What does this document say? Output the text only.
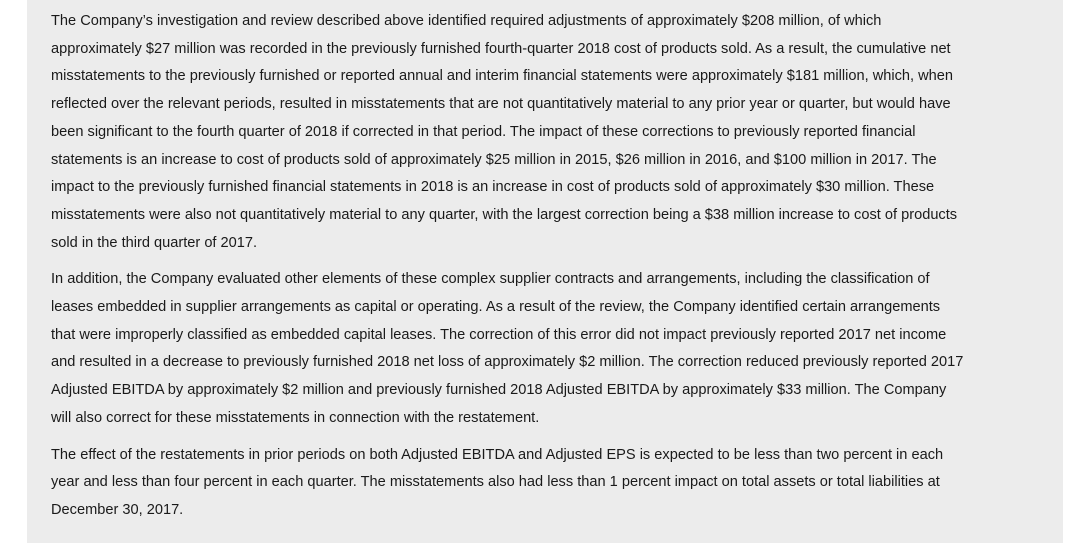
The Company’s investigation and review described above identified required adjustments of approximately $208 million, of which
approximately $27 million was recorded in the previously furnished fourth-quarter 2018 cost of products sold. As a result, the cumulative net
misstatements to the previously furnished or reported annual and interim financial statements were approximately $181 million, which, when
reflected over the relevant periods, resulted in misstatements that are not quantitatively material to any prior year or quarter, but would have
been significant to the fourth quarter of 2018 if corrected in that period. The impact of these corrections to previously reported financial
statements is an increase to cost of products sold of approximately $25 million in 2015, $26 million in 2016, and $100 million in 2017. The
impact to the previously furnished financial statements in 2018 is an increase in cost of products sold of approximately $30 million. These
misstatements were also not quantitatively material to any quarter, with the largest correction being a $38 million increase to cost of products
sold in the third quarter of 2017.

In addition, the Company evaluated other elements of these complex supplier contracts and arrangements, including the classification of
leases embedded in supplier arrangements as capital or operating. As a result of the review, the Company identified certain arrangements
that were improperly classified as embedded capital leases. The correction of this error did not impact previously reported 2017 net income
and resulted in a decrease to previously furnished 2018 net loss of approximately $2 million. The correction reduced previously reported 2017
Adjusted EBITDA by approximately $2 million and previously furnished 2018 Adjusted EBITDA by approximately $33 million. The Company
will also correct for these misstatements in connection with the restatement.

The effect of the restatements in prior periods on both Adjusted EBITDA and Adjusted EPS is expected to be less than two percent in each
year and less than four percent in each quarter. The misstatements also had less than 1 percent impact on total assets or total liabilities at
December 30, 2017.
